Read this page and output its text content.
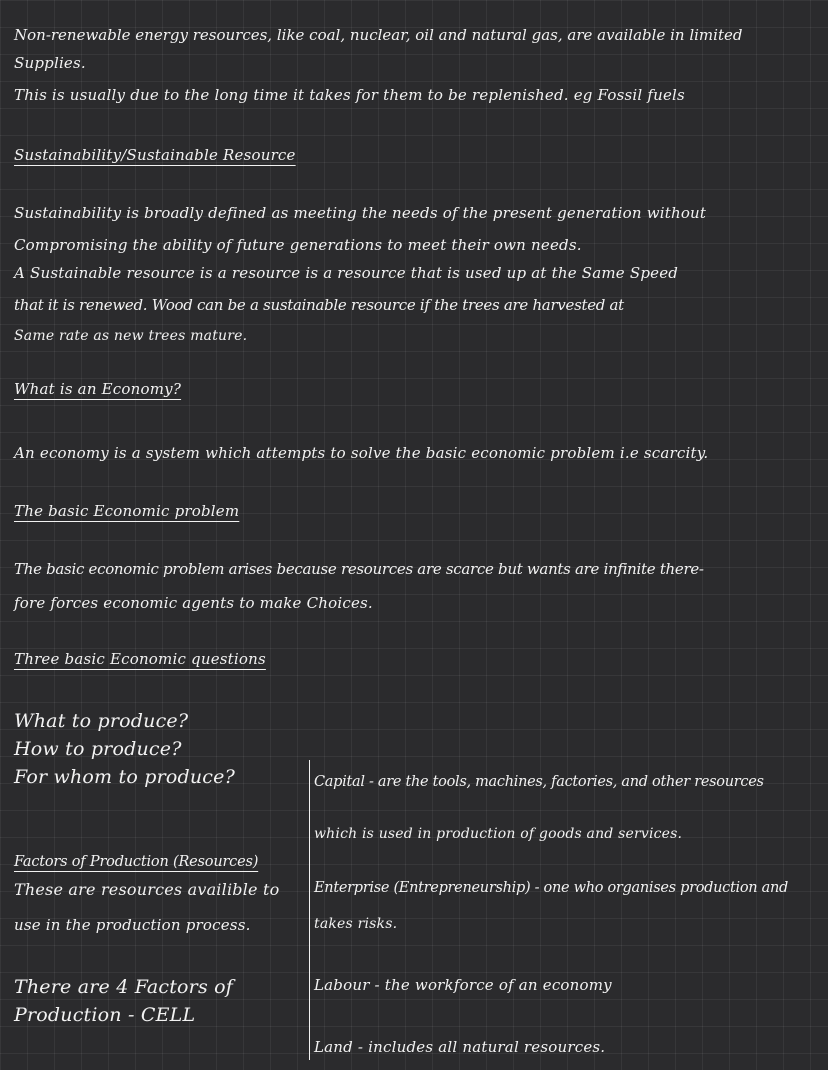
Non-renewable energy resources, like coal, nuclear, oil and natural gas, are available in limited
Supplies.
This is usually due to the long time it takes for them to be replenished. eg Fossil fuels
Sustainability/Sustainable Resource
Sustainability is broadly defined as meeting the needs of the present generation without
Compromising the ability of future generations to meet their own needs.
A Sustainable resource is a resource is a resource that is used up at the Same Speed
that it is renewed. Wood can be a sustainable resource if the trees are harvested at
Same rate as new trees mature.
What is an Economy?
An economy is a system which attempts to solve the basic economic problem i.e scarcity.
The basic Economic problem
The basic economic problem arises because resources are scarce but wants are infinite there-
fore forces economic agents to make Choices.
Three basic Economic questions
What to produce?
How to produce?
For whom to produce?
Factors of Production (Resources)
These are resources availible to
use in the production process.
There are 4 Factors of
Production - CELL
Capital - are the tools, machines, factories, and other resources
which is used in production of goods and services.
Enterprise (Entrepreneurship) - one who organises production and
takes risks.
Labour - the workforce of an economy
Land - includes all natural resources.
